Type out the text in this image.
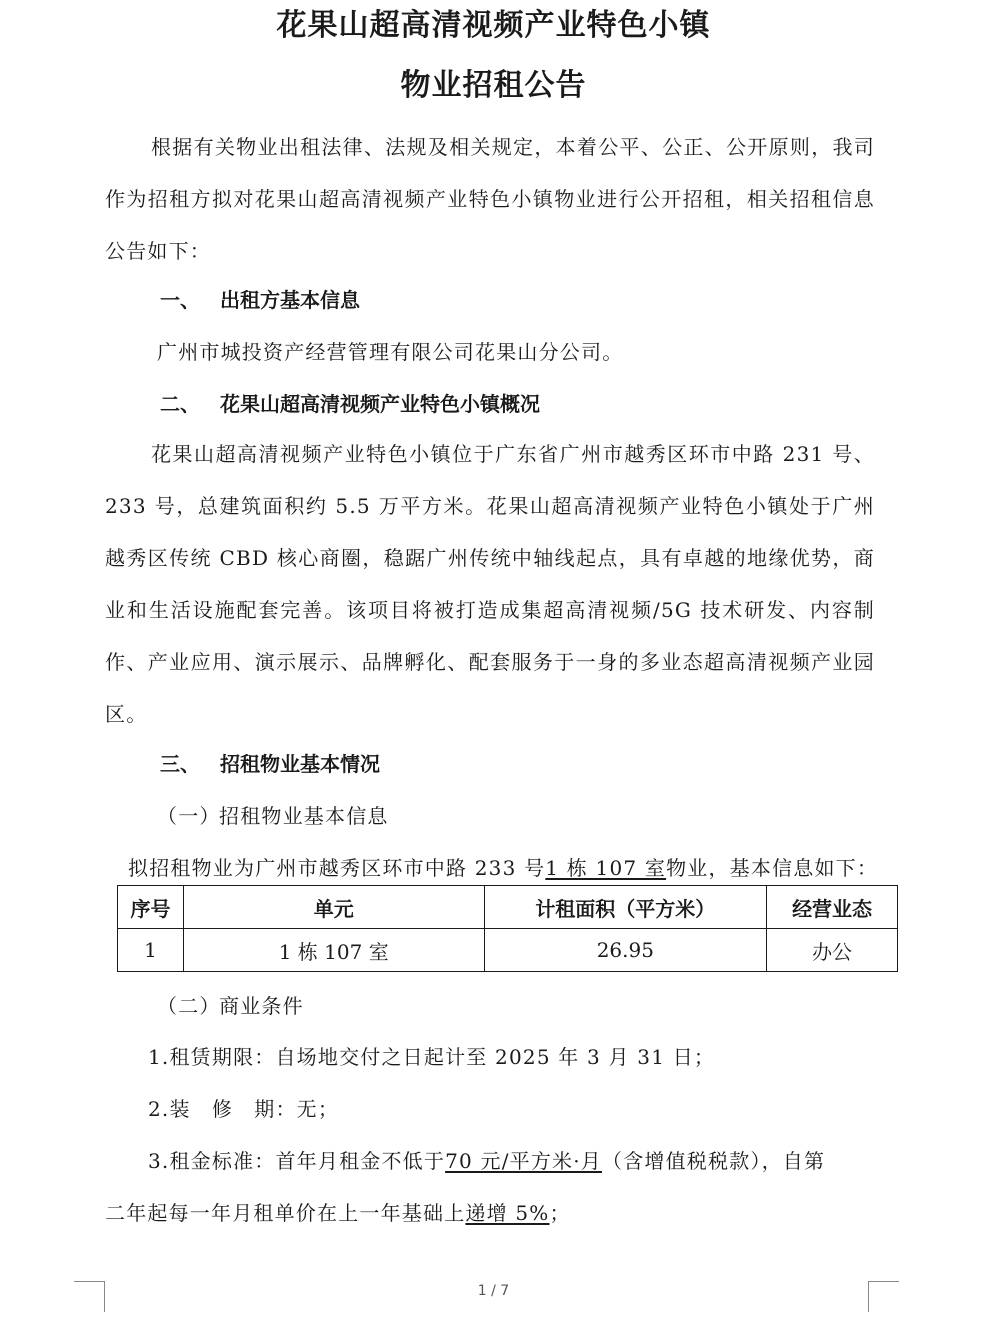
花果山超高清视频产业特色小镇
物业招租公告
根据有关物业出租法律、法规及相关规定，本着公平、公正、公开原则，我司作为招租方拟对花果山超高清视频产业特色小镇物业进行公开招租，相关招租信息公告如下：
一、 出租方基本信息
广州市城投资产经营管理有限公司花果山分公司。
二、 花果山超高清视频产业特色小镇概况
花果山超高清视频产业特色小镇位于广东省广州市越秀区环市中路 231 号、233 号，总建筑面积约 5.5 万平方米。花果山超高清视频产业特色小镇处于广州越秀区传统 CBD 核心商圈，稳踞广州传统中轴线起点，具有卓越的地缘优势，商业和生活设施配套完善。该项目将被打造成集超高清视频/5G 技术研发、内容制作、产业应用、演示展示、品牌孵化、配套服务于一身的多业态超高清视频产业园区。
三、 招租物业基本情况
（一）招租物业基本信息
拟招租物业为广州市越秀区环市中路 233 号1 栋 107 室物业，基本信息如下：
序号	单元	计租面积（平方米）	经营业态
1	1 栋 107 室	26.95	办公
（二）商业条件
1.租赁期限：自场地交付之日起计至 2025 年 3 月 31 日；
2.装　修　期：无；
3.租金标准：首年月租金不低于70 元/平方米·月（含增值税税款），自第
二年起每一年月租单价在上一年基础上递增 5%；
1 / 7
